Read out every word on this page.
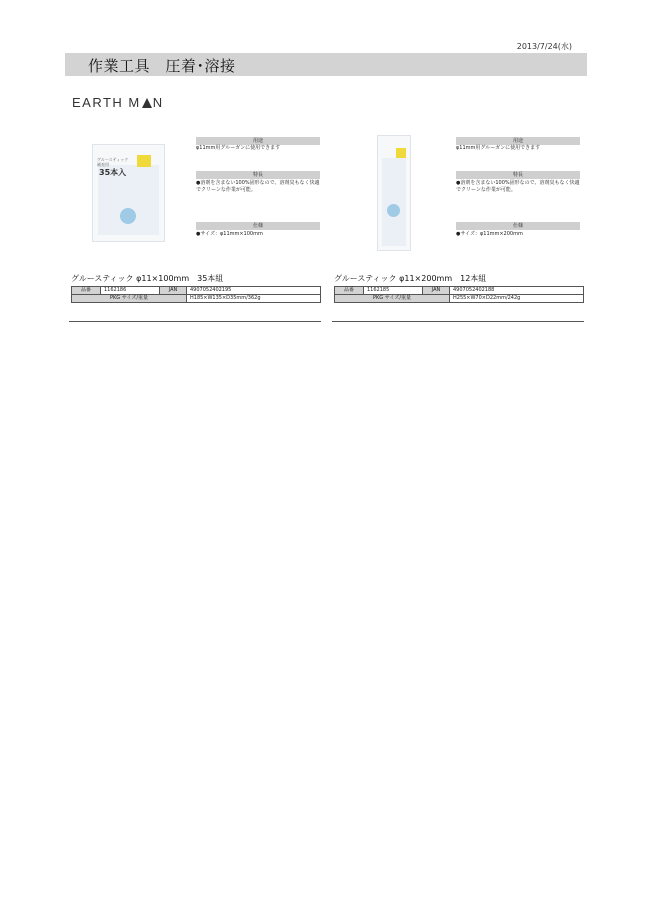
2013/7/24(水)
作業工具　圧着･溶接
EARTH M N
グルースティック
補充用
35本入
用途
φ11mm用グルーガンに使用できます
特長
●溶剤を含まない100%固形なので、溶剤臭もなく快適でクリーンな作業が可能。
仕様
●サイズ：φ11mm×100mm
グルースティック φ11×100mm　35本組
品番	1162186	JAN	4907052402195
PKG サイズ/重量			H185×W135×D35mm/362g
用途
φ11mm用グルーガンに使用できます
特長
●溶剤を含まない100%固形なので、溶剤臭もなく快適でクリーンな作業が可能。
仕様
●サイズ：φ11mm×200mm
グルースティック φ11×200mm　12本組
品番	1162185	JAN	4907052402188
PKG サイズ/重量			H255×W70×D22mm/242g
